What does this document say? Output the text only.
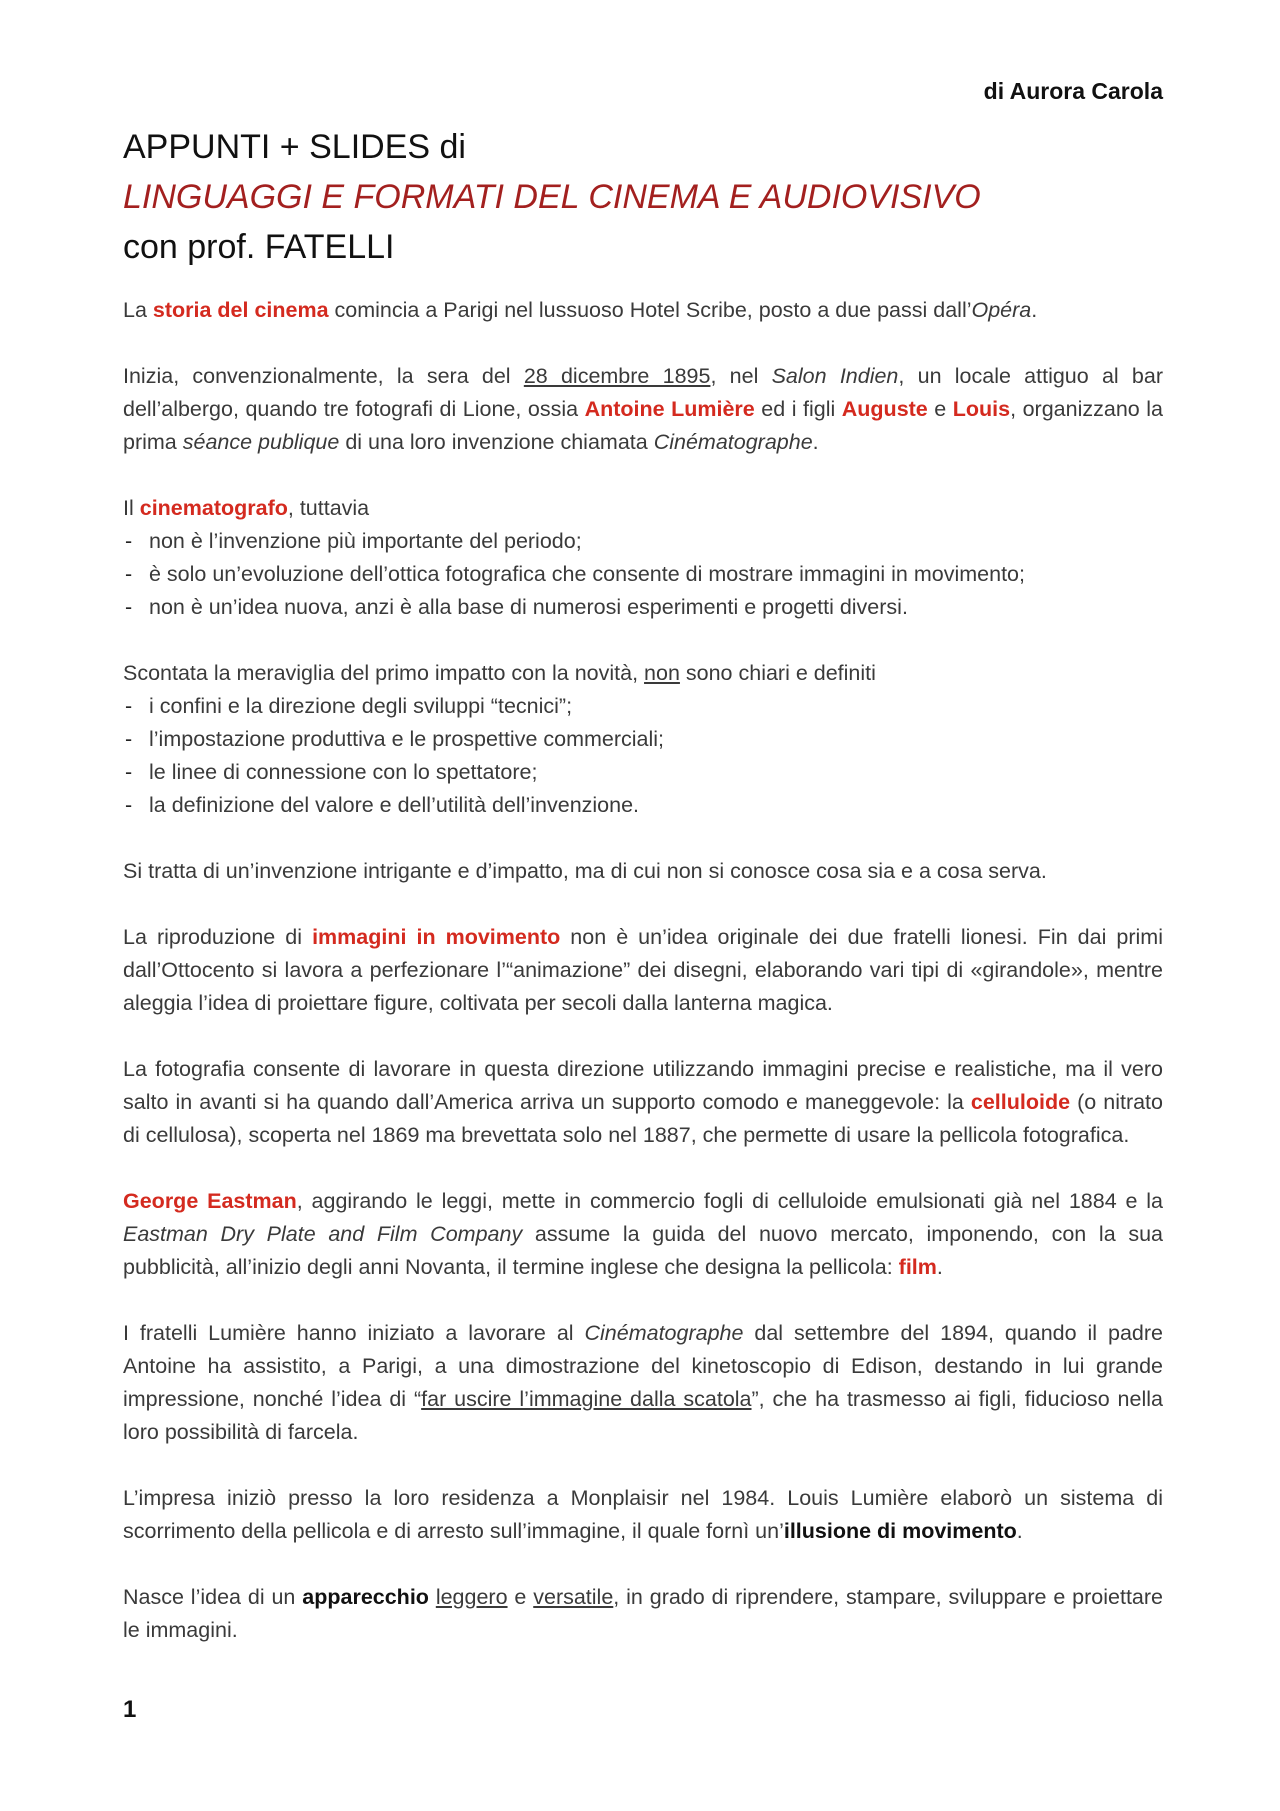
di Aurora Carola
APPUNTI + SLIDES di
LINGUAGGI E FORMATI DEL CINEMA E AUDIOVISIVO
con prof. FATELLI

La storia del cinema comincia a Parigi nel lussuoso Hotel Scribe, posto a due passi dall’Opéra.

Inizia, convenzionalmente, la sera del 28 dicembre 1895, nel Salon Indien, un locale attiguo al bar dell’albergo, quando tre fotografi di Lione, ossia Antoine Lumière ed i figli Auguste e Louis, organizzano la prima séance publique di una loro invenzione chiamata Cinématographe.

Il cinematografo, tuttavia

- non è l’invenzione più importante del periodo;
- è solo un’evoluzione dell’ottica fotografica che consente di mostrare immagini in movimento;
- non è un’idea nuova, anzi è alla base di numerosi esperimenti e progetti diversi.

Scontata la meraviglia del primo impatto con la novità, non sono chiari e definiti

- i confini e la direzione degli sviluppi “tecnici”;
- l’impostazione produttiva e le prospettive commerciali;
- le linee di connessione con lo spettatore;
- la definizione del valore e dell’utilità dell’invenzione.

Si tratta di un’invenzione intrigante e d’impatto, ma di cui non si conosce cosa sia e a cosa serva.

La riproduzione di immagini in movimento non è un’idea originale dei due fratelli lionesi. Fin dai primi dall’Ottocento si lavora a perfezionare l’“animazione” dei disegni, elaborando vari tipi di «girandole», mentre aleggia l’idea di proiettare figure, coltivata per secoli dalla lanterna magica.

La fotografia consente di lavorare in questa direzione utilizzando immagini precise e realistiche, ma il vero salto in avanti si ha quando dall’America arriva un supporto comodo e maneggevole: la celluloide (o nitrato di cellulosa), scoperta nel 1869 ma brevettata solo nel 1887, che permette di usare la pellicola fotografica.

George Eastman, aggirando le leggi, mette in commercio fogli di celluloide emulsionati già nel 1884 e la Eastman Dry Plate and Film Company assume la guida del nuovo mercato, imponendo, con la sua pubblicità, all’inizio degli anni Novanta, il termine inglese che designa la pellicola: film.

I fratelli Lumière hanno iniziato a lavorare al Cinématographe dal settembre del 1894, quando il padre Antoine ha assistito, a Parigi, a una dimostrazione del kinetoscopio di Edison, destando in lui grande impressione, nonché l’idea di “far uscire l’immagine dalla scatola”, che ha trasmesso ai figli, fiducioso nella loro possibilità di farcela.

L’impresa iniziò presso la loro residenza a Monplaisir nel 1984. Louis Lumière elaborò un sistema di scorrimento della pellicola e di arresto sull’immagine, il quale fornì un’illusione di movimento.

Nasce l’idea di un apparecchio leggero e versatile, in grado di riprendere, stampare, sviluppare e proiettare le immagini.

1
